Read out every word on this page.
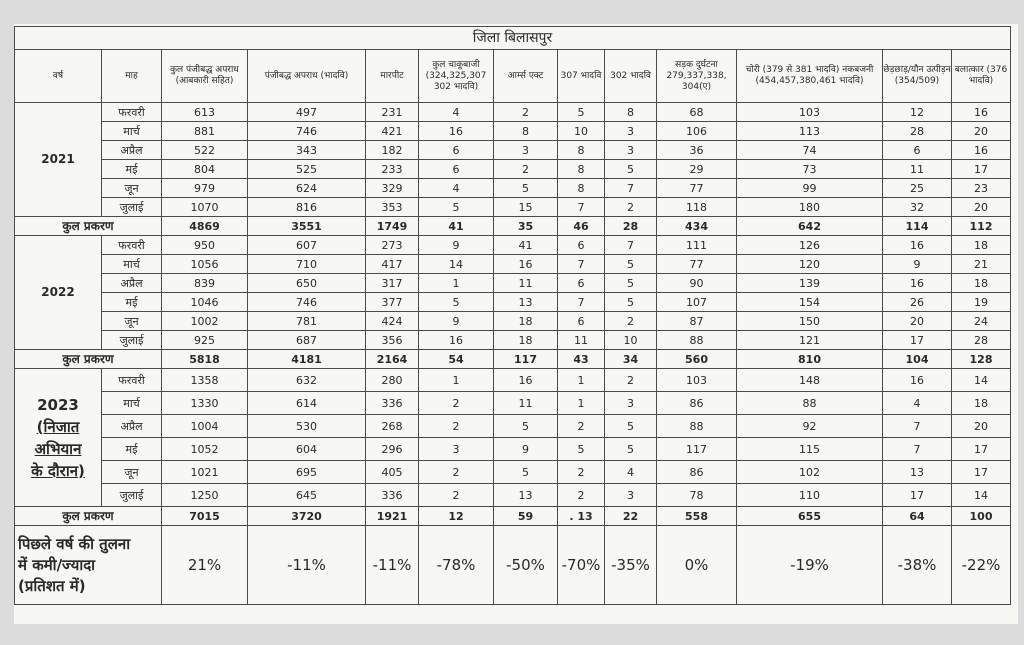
जिला बिलासपुर												
वर्ष	माह	कुल पंजीबद्ध अपराध (आबकारी सहित)	पंजीबद्ध अपराध (भादवि)	मारपीट	कुल चाकूबाजी (324,325,307 302 भादवि)	आर्म्स एक्ट	307 भादवि	302 भादवि	सड़क दुर्घटना 279,337,338, 304(ए)	चोरी (379 से 381 भादवि) नकबजनी (454,457,380,461 भादवि)	छेड़छाड़/यौन उत्पीड़न (354/509)	बलात्कार (376 भादवि)
2021	फरवरी	613	497	231	4	2	5	8	68	103	12	16
	मार्च	881	746	421	16	8	10	3	106	113	28	20
	अप्रैल	522	343	182	6	3	8	3	36	74	6	16
	मई	804	525	233	6	2	8	5	29	73	11	17
	जून	979	624	329	4	5	8	7	77	99	25	23
	जुलाई	1070	816	353	5	15	7	2	118	180	32	20
कुल प्रकरण		4869	3551	1749	41	35	46	28	434	642	114	112
2022	फरवरी	950	607	273	9	41	6	7	111	126	16	18
	मार्च	1056	710	417	14	16	7	5	77	120	9	21
	अप्रैल	839	650	317	1	11	6	5	90	139	16	18
	मई	1046	746	377	5	13	7	5	107	154	26	19
	जून	1002	781	424	9	18	6	2	87	150	20	24
	जुलाई	925	687	356	16	18	11	10	88	121	17	28
कुल प्रकरण		5818	4181	2164	54	117	43	34	560	810	104	128

2023
(निजात
अभियान
के दौरान)	फरवरी	1358	632	280	1	16	1	2	103	148	16	14
	मार्च	1330	614	336	2	11	1	3	86	88	4	18
	अप्रैल	1004	530	268	2	5	2	5	88	92	7	20
	मई	1052	604	296	3	9	5	5	117	115	7	17
	जून	1021	695	405	2	5	2	4	86	102	13	17
	जुलाई	1250	645	336	2	13	2	3	78	110	17	14
कुल प्रकरण		7015	3720	1921	12	59	. 13	22	558	655	64	100

पिछले वर्ष की तुलना
में कमी/ज्यादा
(प्रतिशत में)		21%	-11%	-11%	-78%	-50%	-70%	-35%	0%	-19%	-38%	-22%
